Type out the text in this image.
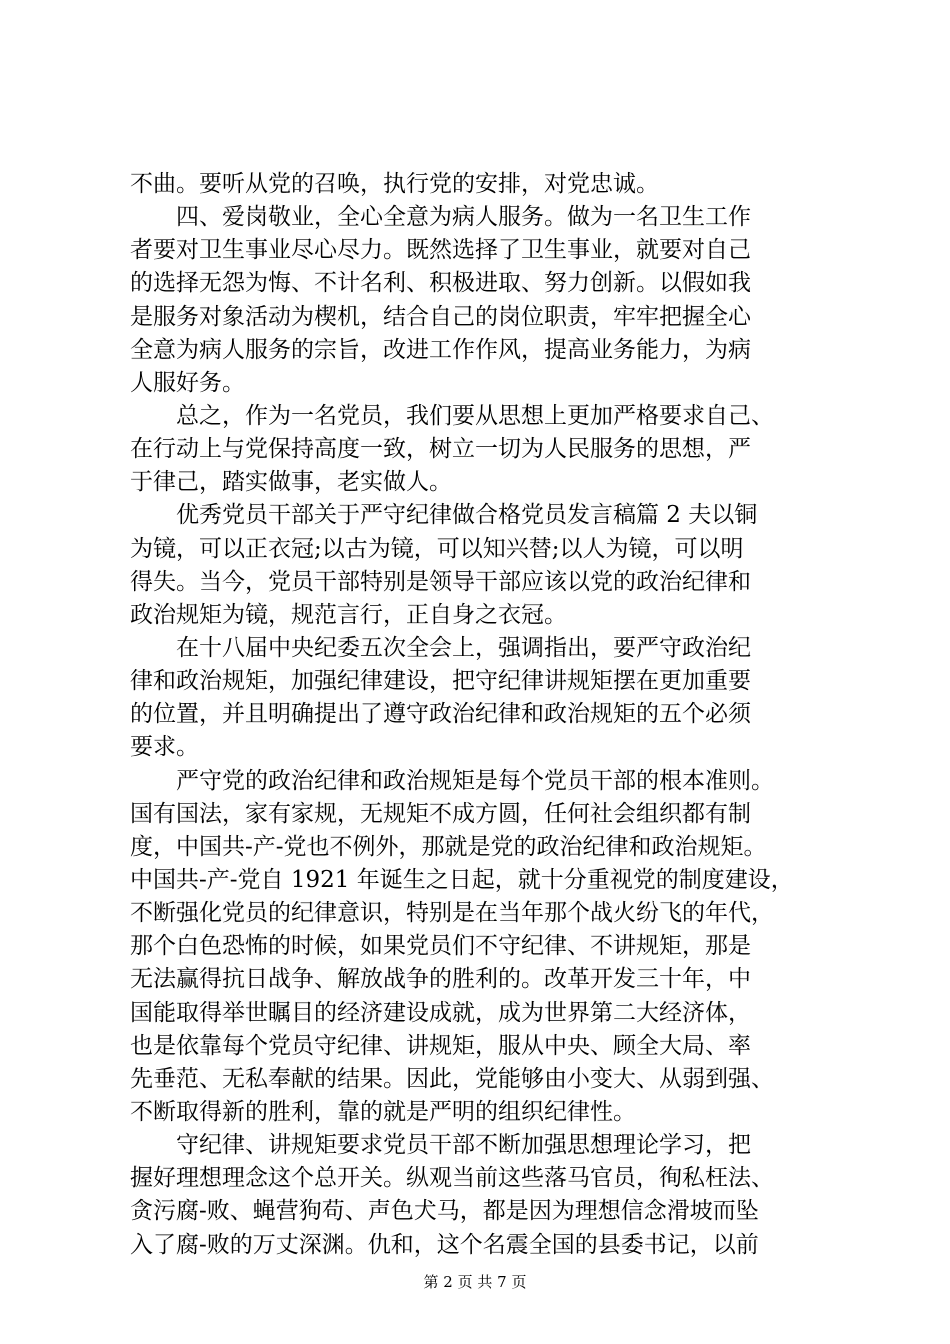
不曲。要听从党的召唤，执行党的安排，对党忠诚。
　　四、爱岗敬业，全心全意为病人服务。做为一名卫生工作
者要对卫生事业尽心尽力。既然选择了卫生事业，就要对自己
的选择无怨为悔、不计名利、积极进取、努力创新。以假如我
是服务对象活动为楔机，结合自己的岗位职责，牢牢把握全心
全意为病人服务的宗旨，改进工作作风，提高业务能力，为病
人服好务。
　　总之，作为一名党员，我们要从思想上更加严格要求自己、
在行动上与党保持高度一致，树立一切为人民服务的思想，严
于律己，踏实做事，老实做人。
　　优秀党员干部关于严守纪律做合格党员发言稿篇 2 夫以铜
为镜，可以正衣冠;以古为镜，可以知兴替;以人为镜，可以明
得失。当今，党员干部特别是领导干部应该以党的政治纪律和
政治规矩为镜，规范言行，正自身之衣冠。
　　在十八届中央纪委五次全会上，强调指出，要严守政治纪
律和政治规矩，加强纪律建设，把守纪律讲规矩摆在更加重要
的位置，并且明确提出了遵守政治纪律和政治规矩的五个必须
要求。
　　严守党的政治纪律和政治规矩是每个党员干部的根本准则。
国有国法，家有家规，无规矩不成方圆，任何社会组织都有制
度，中国共-产-党也不例外，那就是党的政治纪律和政治规矩。
中国共-产-党自 1921 年诞生之日起，就十分重视党的制度建设，
不断强化党员的纪律意识，特别是在当年那个战火纷飞的年代，
那个白色恐怖的时候，如果党员们不守纪律、不讲规矩，那是
无法赢得抗日战争、解放战争的胜利的。改革开发三十年，中
国能取得举世瞩目的经济建设成就，成为世界第二大经济体，
也是依靠每个党员守纪律、讲规矩，服从中央、顾全大局、率
先垂范、无私奉献的结果。因此，党能够由小变大、从弱到强、
不断取得新的胜利，靠的就是严明的组织纪律性。
　　守纪律、讲规矩要求党员干部不断加强思想理论学习，把
握好理想理念这个总开关。纵观当前这些落马官员，徇私枉法、
贪污腐-败、蝇营狗苟、声色犬马，都是因为理想信念滑坡而坠
入了腐-败的万丈深渊。仇和，这个名震全国的县委书记，以前
第 2 页 共 7 页
